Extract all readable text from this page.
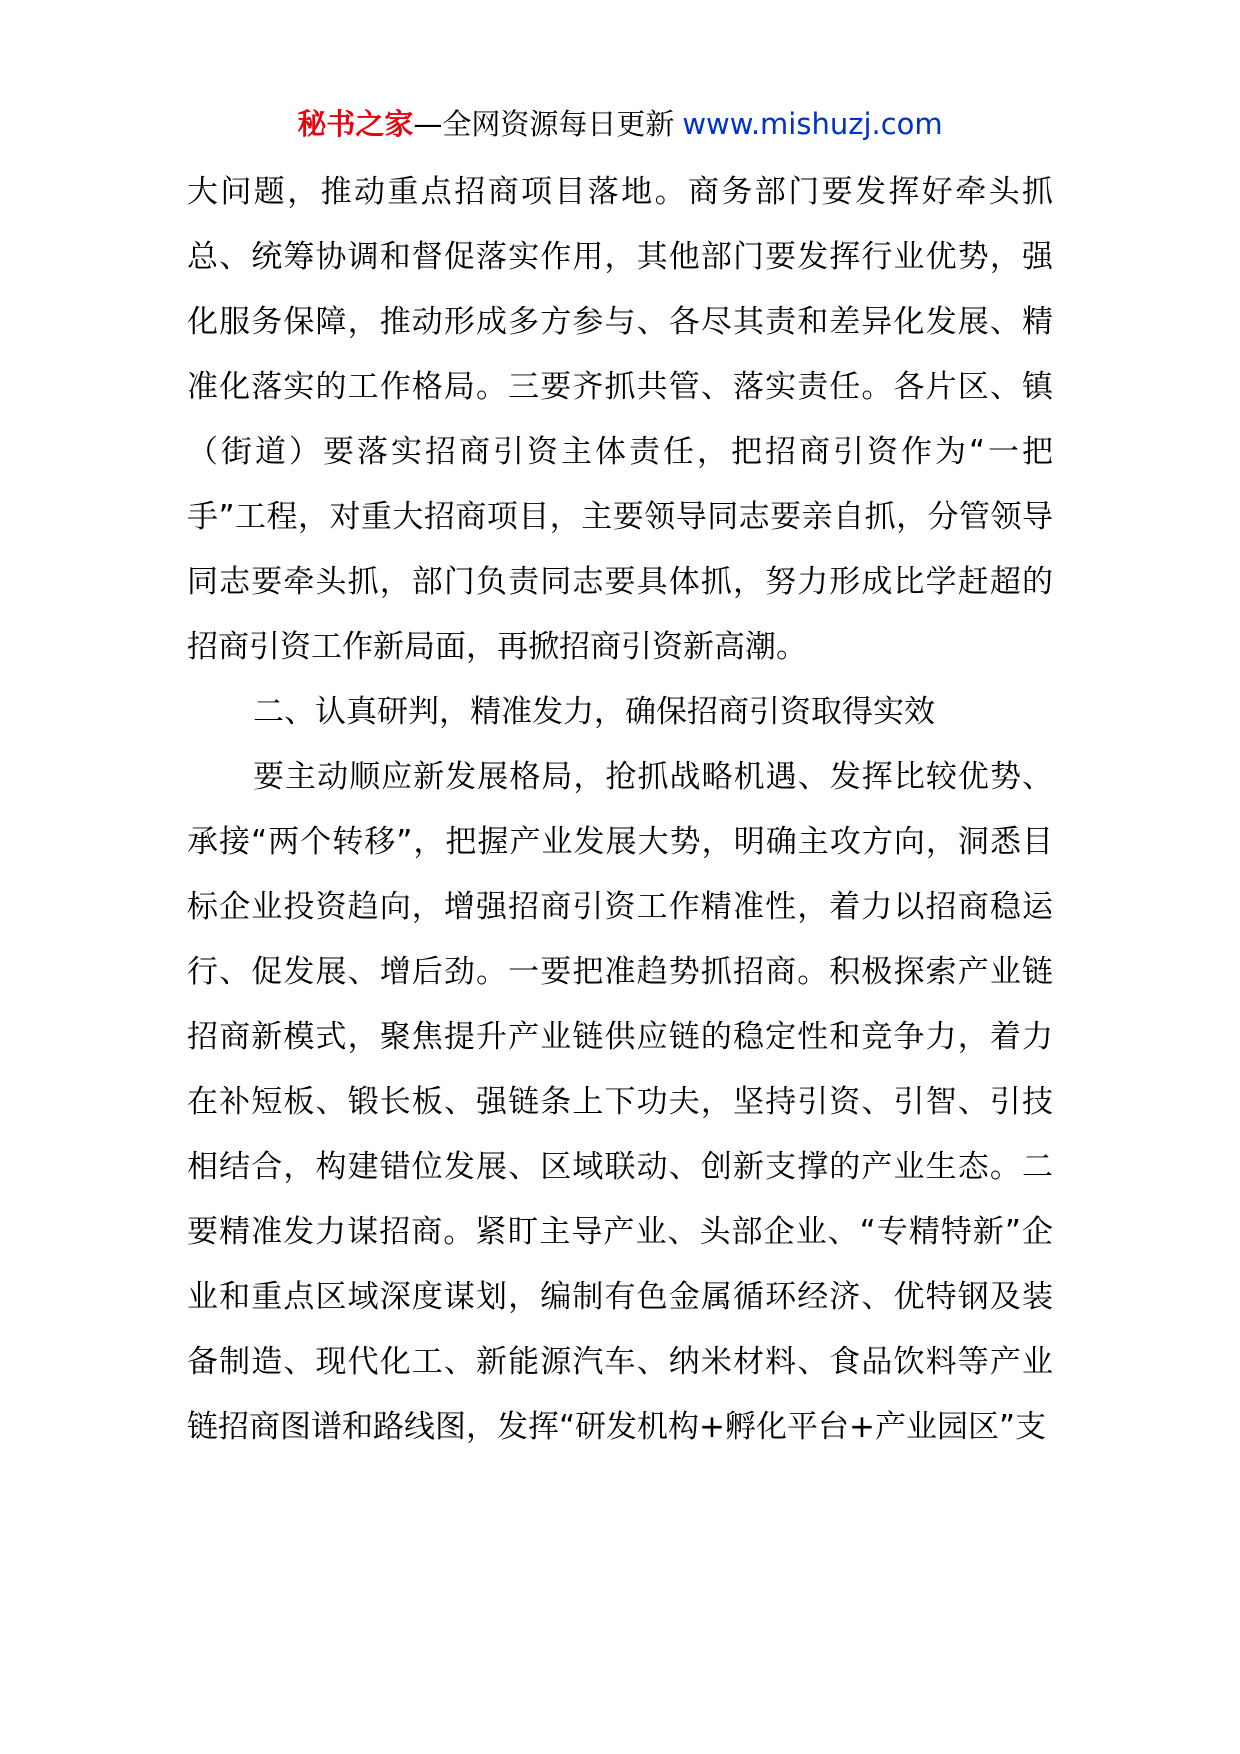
秘书之家—全网资源每日更新 www.mishuzj.com

大问题，推动重点招商项目落地。商务部门要发挥好牵头抓总、统筹协调和督促落实作用，其他部门要发挥行业优势，强化服务保障，推动形成多方参与、各尽其责和差异化发展、精准化落实的工作格局。三要齐抓共管、落实责任。各片区、镇（街道）要落实招商引资主体责任，把招商引资作为“一把手”工程，对重大招商项目，主要领导同志要亲自抓，分管领导同志要牵头抓，部门负责同志要具体抓，努力形成比学赶超的招商引资工作新局面，再掀招商引资新高潮。

二、认真研判，精准发力，确保招商引资取得实效

要主动顺应新发展格局，抢抓战略机遇、发挥比较优势、承接“两个转移”，把握产业发展大势，明确主攻方向，洞悉目标企业投资趋向，增强招商引资工作精准性，着力以招商稳运行、促发展、增后劲。一要把准趋势抓招商。积极探索产业链招商新模式，聚焦提升产业链供应链的稳定性和竞争力，着力在补短板、锻长板、强链条上下功夫，坚持引资、引智、引技相结合，构建错位发展、区域联动、创新支撑的产业生态。二要精准发力谋招商。紧盯主导产业、头部企业、“专精特新”企业和重点区域深度谋划，编制有色金属循环经济、优特钢及装备制造、现代化工、新能源汽车、纳米材料、食品饮料等产业链招商图谱和路线图，发挥“研发机构+孵化平台+产业园区”支
